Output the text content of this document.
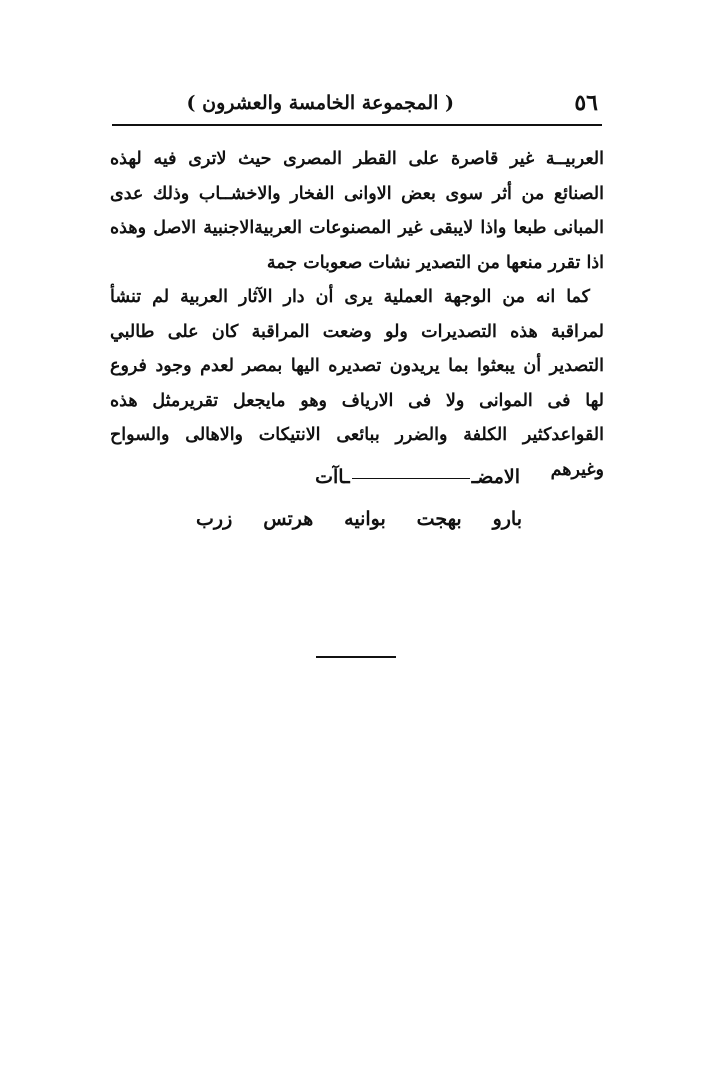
٥٦
( المجموعة الخامسة والعشرون )

العربيــة غير قاصرة على القطر المصرى حيث لاترى فيه لهذه الصنائع من أثر سوى بعض الاوانى الفخار والاخشــاب وذلك عدى المبانى طبعا واذا لايبقى غير المصنوعات العربيةالاجنبية الاصل وهذه اذا تقرر منعها من التصدير نشات صعوبات جمة

كما انه من الوجهة العملية يرى أن دار الآثار العربية لم تنشأ لمراقبة هذه التصديرات ولو وضعت المراقبة كان على طالبي التصدير أن يبعثوا بما يريدون تصديره اليها بمصر لعدم وجود فروع لها فى الموانى ولا فى الارياف وهو مايجعل تقريرمثل هذه القواعدكثير الكلفة والضرر ببائعى الانتيكات والاهالى والسواح وغيرهم

الامضــاآت
بارو
بهجت
بوانيه
هرتس
زرب
